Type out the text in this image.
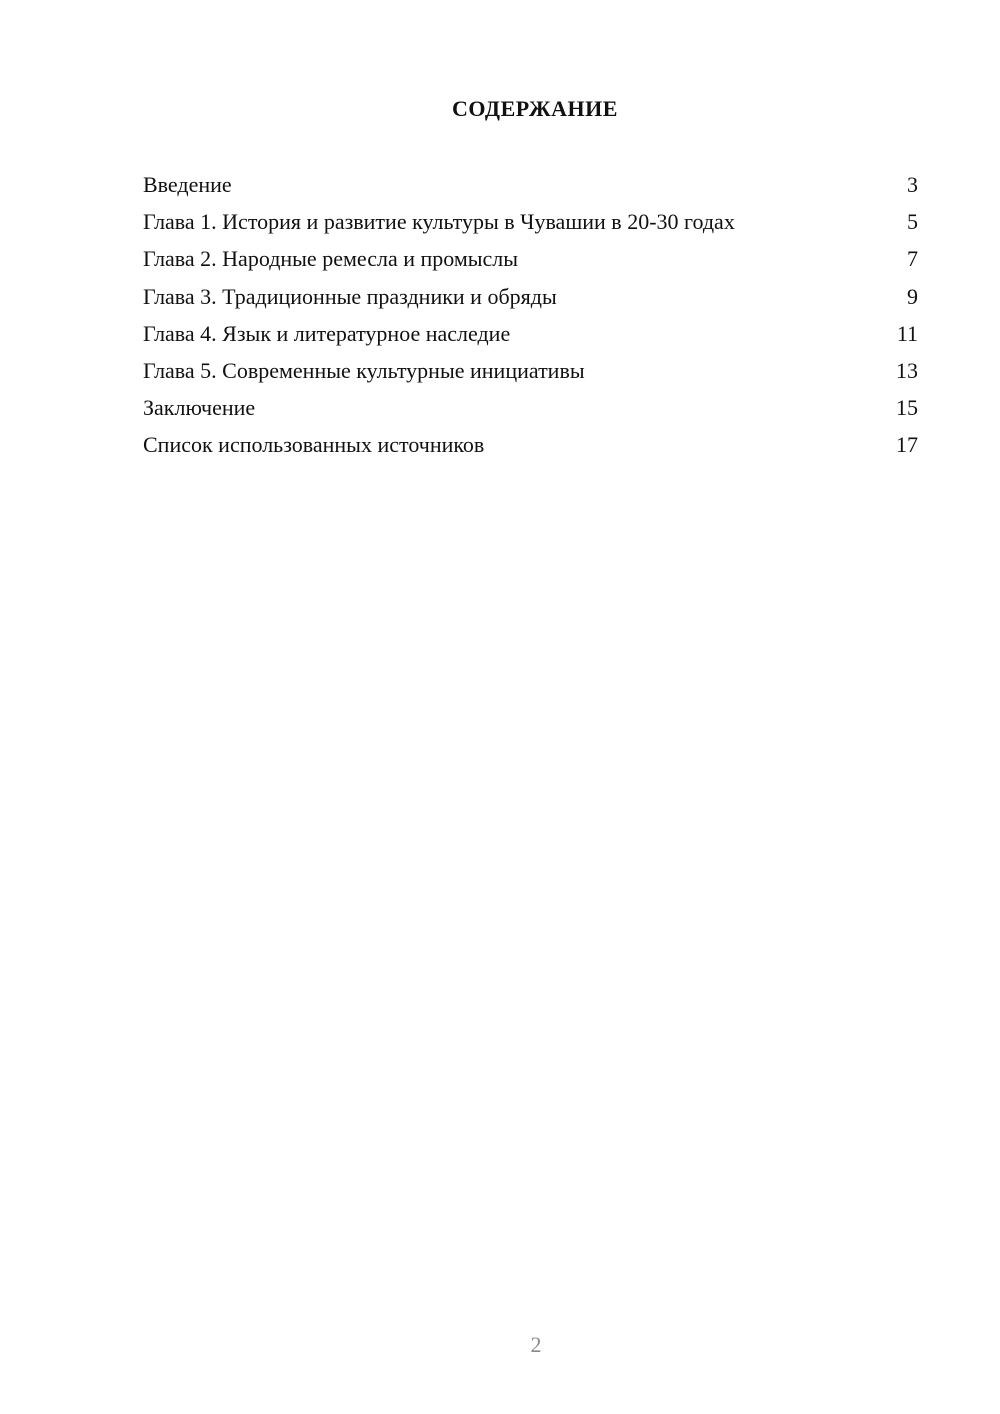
СОДЕРЖАНИЕ
Введение	3
Глава 1. История и развитие культуры в Чувашии в 20-30 годах	5
Глава 2. Народные ремесла и промыслы	7
Глава 3. Традиционные праздники и обряды	9
Глава 4. Язык и литературное наследие	11
Глава 5. Современные культурные инициативы	13
Заключение	15
Список использованных источников	17
2
